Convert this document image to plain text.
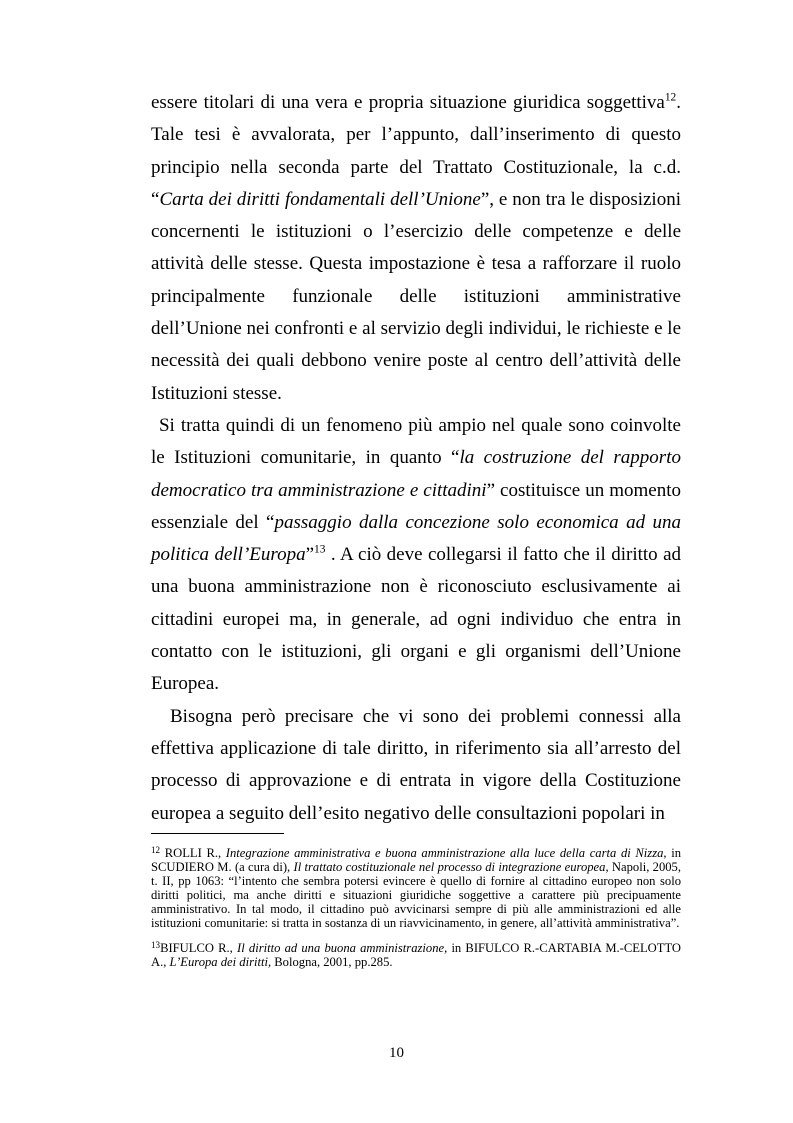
essere titolari di una vera e propria situazione giuridica soggettiva$^{12}$. Tale tesi è avvalorata, per l’appunto, dall’inserimento di questo principio nella seconda parte del Trattato Costituzionale, la c.d. “Carta dei diritti fondamentali dell’Unione”, e non tra le disposizioni concernenti le istituzioni o l’esercizio delle competenze e delle attività delle stesse. Questa impostazione è tesa a rafforzare il ruolo principalmente funzionale delle istituzioni amministrative dell’Unione nei confronti e al servizio degli individui, le richieste e le necessità dei quali debbono venire poste al centro dell’attività delle Istituzioni stesse.

Si tratta quindi di un fenomeno più ampio nel quale sono coinvolte le Istituzioni comunitarie, in quanto “la costruzione del rapporto democratico tra amministrazione e cittadini” costituisce un momento essenziale del “passaggio dalla concezione solo economica ad una politica dell’Europa”$^{13}$ . A ciò deve collegarsi il fatto che il diritto ad una buona amministrazione non è riconosciuto esclusivamente ai cittadini europei ma, in generale, ad ogni individuo che entra in contatto con le istituzioni, gli organi e gli organismi dell’Unione Europea.

Bisogna però precisare che vi sono dei problemi connessi alla effettiva applicazione di tale diritto, in riferimento sia all’arresto del processo di approvazione e di entrata in vigore della Costituzione europea a seguito dell’esito negativo delle consultazioni popolari in

$^{12}$ ROLLI R., Integrazione amministrativa e buona amministrazione alla luce della carta di Nizza, in SCUDIERO M. (a cura di), Il trattato costituzionale nel processo di integrazione europea, Napoli, 2005, t. II, pp 1063: “l’intento che sembra potersi evincere è quello di fornire al cittadino europeo non solo diritti politici, ma anche diritti e situazioni giuridiche soggettive a carattere più precipuamente amministrativo. In tal modo, il cittadino può avvicinarsi sempre di più alle amministrazioni ed alle istituzioni comunitarie: si tratta in sostanza di un riavvicinamento, in genere, all’attività amministrativa”.

$^{13}$BIFULCO R., Il diritto ad una buona amministrazione, in BIFULCO R.-CARTABIA M.-CELOTTO A., L’Europa dei diritti, Bologna, 2001, pp.285.

10
